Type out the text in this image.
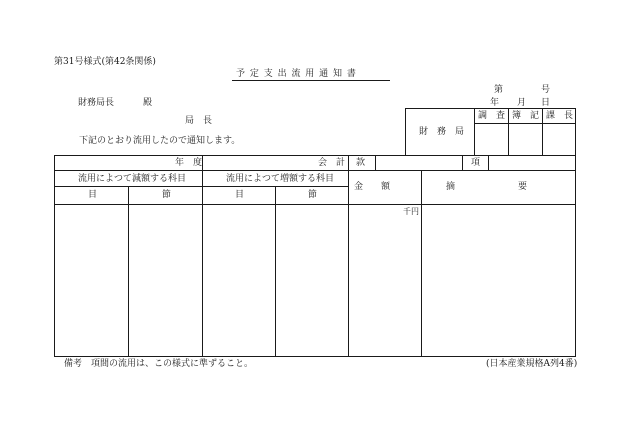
第31号様式(第42条関係)
予 定 支 出 流 用 通 知 書
第	号
財務局長	殿	年 月 日
局　長
下記のとおり流用したので通知します。
財　務　局
調　査 簿　記 課　長
年　度	会　計 款	項
流用によつて減額する科目	流用によつて増額する科目
金　　額	摘　　　　　　　要
目	節	目	節
千円
備考　項間の流用は、この様式に準ずること。	(日本産業規格A列4番)
